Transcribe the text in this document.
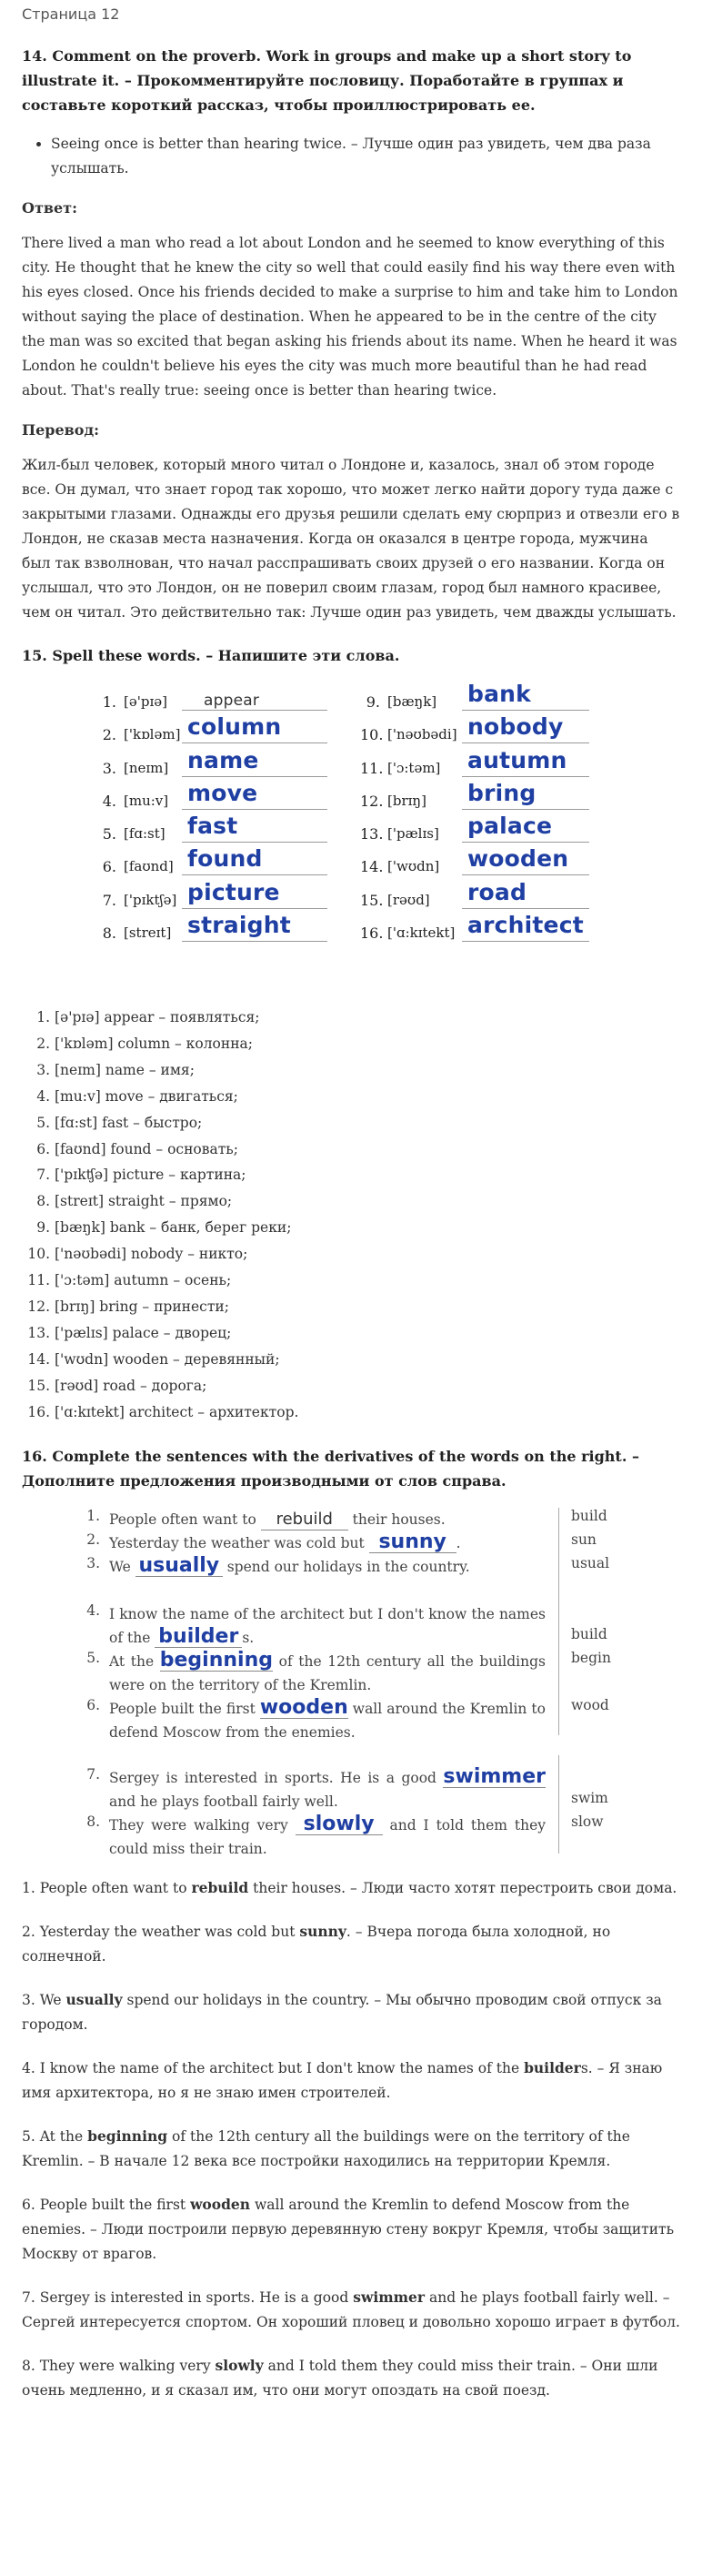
Страница 12
14. Comment on the proverb. Work in groups and make up a short story to illustrate it. – Прокомментируйте пословицу. Поработайте в группах и составьте короткий рассказ, чтобы проиллюстрировать ее.
• Seeing once is better than hearing twice. – Лучше один раз увидеть, чем два раза услышать.
Ответ:

There lived a man who read a lot about London and he seemed to know everything of this city. He thought that he knew the city so well that could easily find his way there even with his eyes closed. Once his friends decided to make a surprise to him and take him to London without saying the place of destination. When he appeared to be in the centre of the city the man was so excited that began asking his friends about its name. When he heard it was London he couldn't believe his eyes the city was much more beautiful than he had read about. That's really true: seeing once is better than hearing twice.

Перевод:

Жил-был человек, который много читал о Лондоне и, казалось, знал об этом городе все. Он думал, что знает город так хорошо, что может легко найти дорогу туда даже с закрытыми глазами. Однажды его друзья решили сделать ему сюрприз и отвезли его в Лондон, не сказав места назначения. Когда он оказался в центре города, мужчина был так взволнован, что начал расспрашивать своих друзей о его названии. Когда он услышал, что это Лондон, он не поверил своим глазам, город был намного красивее, чем он читал. Это действительно так: Лучше один раз увидеть, чем дважды услышать.

15. Spell these words. – Напишите эти слова.
1. [ə'pɪə] appear
2. ['kɒləm] column
3. [neɪm] name
4. [mu:v] move
5. [fɑ:st] fast
6. [faʊnd] found
7. ['pɪktʃə] picture
8. [streɪt] straight
9. [bæŋk] bank
10. ['nəʊbədi] nobody
11. ['ɔ:təm] autumn
12. [brɪŋ] bring
13. ['pælɪs] palace
14. ['wʊdn] wooden
15. [rəʊd] road
16. ['ɑ:kɪtekt] architect
1. [ə'pɪə] appear – появляться;
2. ['kɒləm] column – колонна;
3. [neɪm] name – имя;
4. [mu:v] move – двигаться;
5. [fɑ:st] fast – быстро;
6. [faʊnd] found – основать;
7. ['pɪkʧə] picture – картина;
8. [streɪt] straight – прямо;
9. [bæŋk] bank – банк, берег реки;
10. ['nəʊbədi] nobody – никто;
11. ['ɔ:təm] autumn – осень;
12. [brɪŋ] bring – принести;
13. ['pælɪs] palace – дворец;
14. ['wʊdn] wooden – деревянный;
15. [rəʊd] road – дорога;
16. ['ɑ:kɪtekt] architect – архитектор.
16. Complete the sentences with the derivatives of the words on the right. – Дополните предложения производными от слов справа.
1. People often want to rebuild their houses.	build
2. Yesterday the weather was cold but sunny .	sun
3. We usually spend our holidays in the country.	usual
4. I know the name of the architect but I don't know the names of the builder s.	build
5. At the beginning of the 12th century all the buildings were on the territory of the Kremlin.
begin
6. People built the first wooden wall around the Kremlin to defend Moscow from the enemies.
wood
7. Sergey is interested in sports. He is a good swimmer and he plays football fairly well.	swim
8. They were walking very slowly and I told them they could miss their train.
slow

1. People often want to rebuild their houses. – Люди часто хотят перестроить свои дома.

2. Yesterday the weather was cold but sunny. – Вчера погода была холодной, но солнечной.

3. We usually spend our holidays in the country. – Мы обычно проводим свой отпуск за городом.

4. I know the name of the architect but I don't know the names of the builders. – Я знаю имя архитектора, но я не знаю имен строителей.

5. At the beginning of the 12th century all the buildings were on the territory of the Kremlin. – В начале 12 века все постройки находились на территории Кремля.

6. People built the first wooden wall around the Kremlin to defend Moscow from the enemies. – Люди построили первую деревянную стену вокруг Кремля, чтобы защитить Москву от врагов.

7. Sergey is interested in sports. He is a good swimmer and he plays football fairly well. – Сергей интересуется спортом. Он хороший пловец и довольно хорошо играет в футбол.

8. They were walking very slowly and I told them they could miss their train. – Они шли очень медленно, и я сказал им, что они могут опоздать на свой поезд.
